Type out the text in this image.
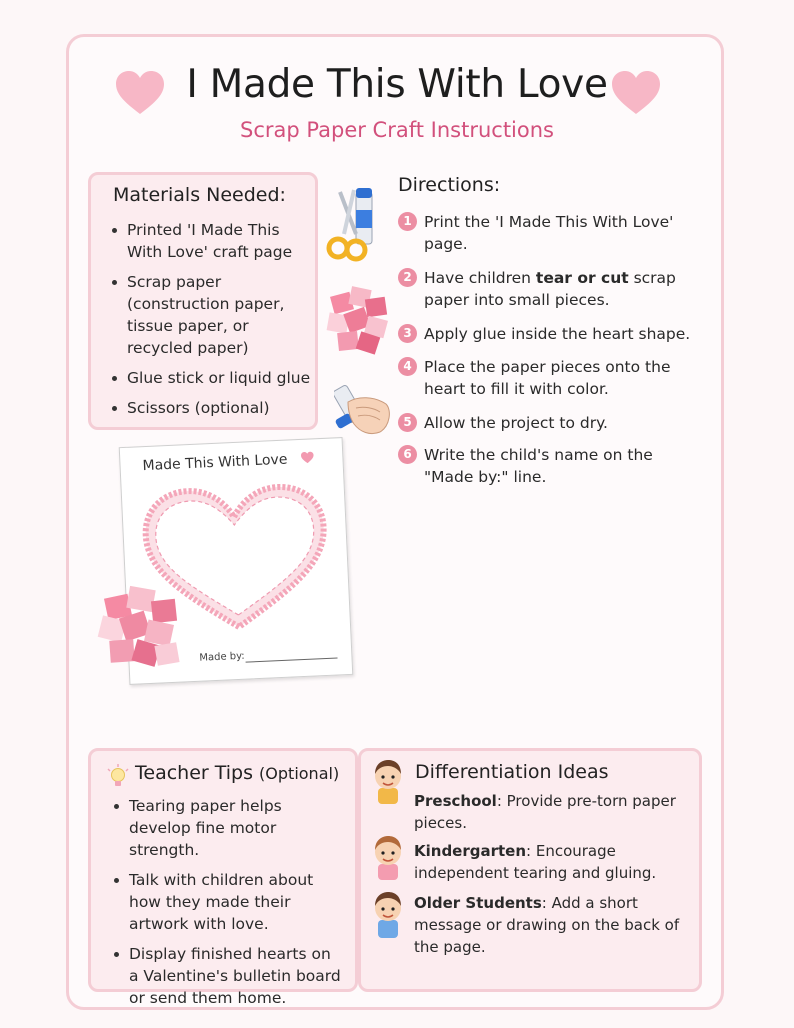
I Made This With Love
Scrap Paper Craft Instructions
Materials Needed:
Printed 'I Made This With Love' craft page
Scrap paper (construction paper, tissue paper, or recycled paper)
Glue stick or liquid glue
Scissors (optional)
Directions:
1 Print the 'I Made This With Love' page.
2 Have children tear or cut scrap paper into small pieces.
3 Apply glue inside the heart shape.
4 Place the paper pieces onto the heart to fill it with color.
5 Allow the project to dry.
6 Write the child's name on the "Made by:" line.
Made This With Love
Made by:
Teacher Tips (Optional)
Tearing paper helps develop fine motor strength.
Talk with children about how they made their artwork with love.
Display finished hearts on a Valentine's bulletin board or send them home.
Differentiation Ideas
Preschool: Provide pre-torn paper pieces.
Kindergarten: Encourage independent tearing and gluing.
Older Students: Add a short message or drawing on the back of the page.
